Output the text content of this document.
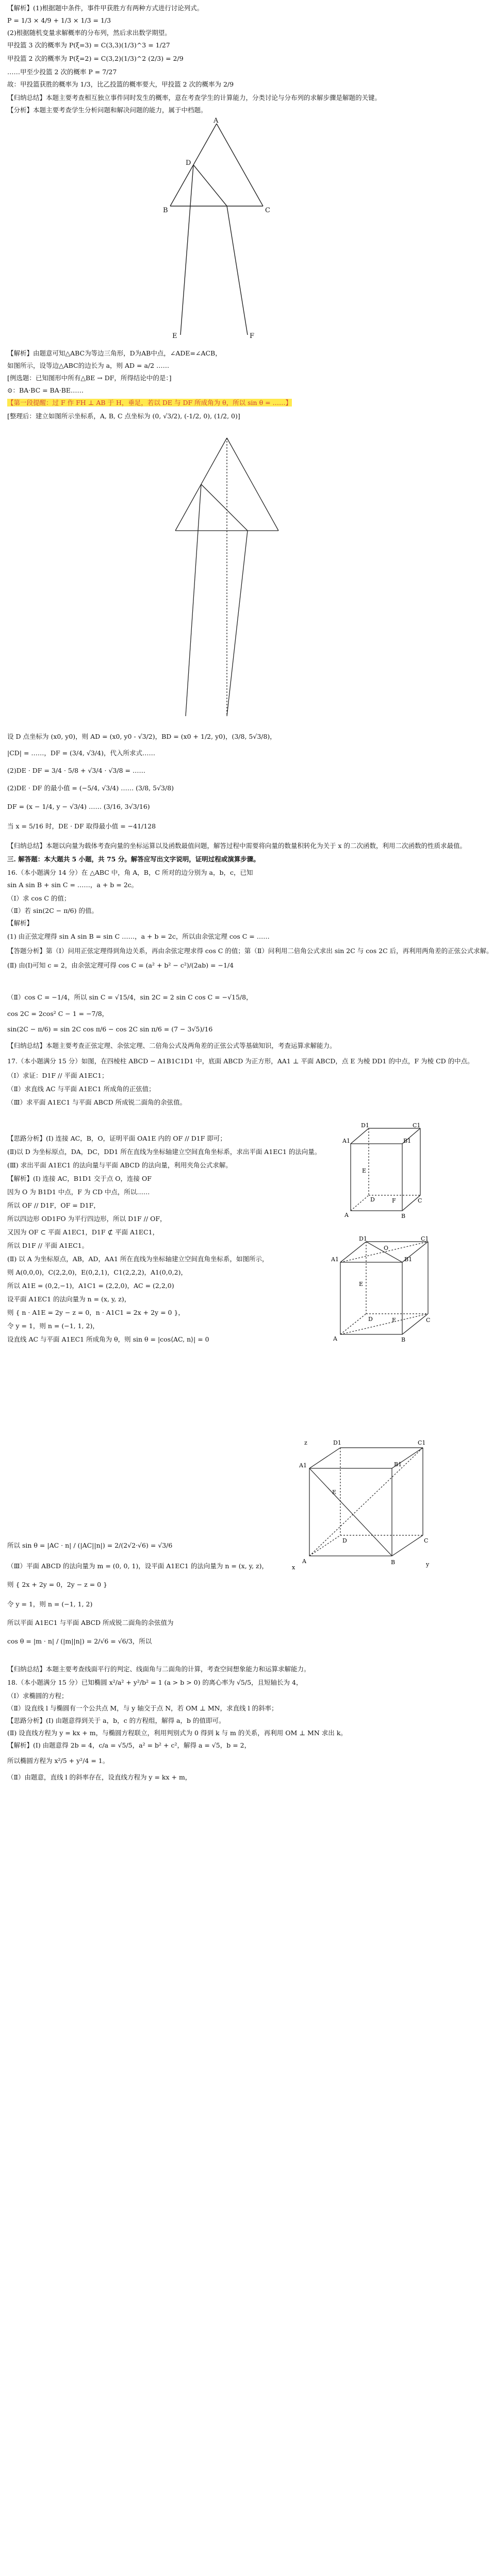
【解析】(1)根据题中条件，事件甲获胜方有两种方式进行讨论列式。
P = 1/3 × 4/9 + 1/3 × 1/3 = 1/3
(2)根据随机变量求解概率的分布列，然后求出数学期望。
甲投篮 3 次的概率为 P(ξ=3) = C(3,3)(1/3)^3 = 1/27
甲投篮 2 次的概率为 P(ξ=2) = C(3,2)(1/3)^2 (2/3) = 2/9
……甲至少投篮 2 次的概率 P = 7/27
故：甲投篮获胜的概率为 1/3，比乙投篮的概率要大，甲投篮 2 次的概率为 2/9
【归纳总结】本题主要考查相互独立事件同时发生的概率，意在考查学生的计算能力，分类讨论与分布列的求解步骤是解题的关键。
【分析】本题主要考查学生分析问题和解决问题的能力，属于中档题。
A
B	C
D
E	F
【解析】由题意可知△ABC为等边三角形，D为AB中点，∠ADE=∠ACB，
如图所示，设等边△ABC的边长为 a，则 AD = a/2 ……
[例选题：已知图形中所有△BE → DF，所得结论中的是：]
⊙：BA·BC = BA·BE……
【第一段提醒：过 F 作 FH ⊥ AB 于 H，垂足，若以 DE 与 DF 所成角为 θ，所以 sin θ = ……】
[整理后：建立如图所示坐标系，A, B, C 点坐标为 (0, √3/2), (-1/2, 0), (1/2, 0)]
设 D 点坐标为 (x0, y0)，则 AD = (x0, y0 - √3/2)，BD = (x0 + 1/2, y0)，(3/8, 5√3/8)，
|CD| = ……，DF = (3/4, √3/4)，代入所求式……
(2)DE · DF = 3/4 · 5/8 + √3/4 · √3/8 = ……
(2)DE · DF 的最小值 = (−5/4, √3/4) …… (3/8, 5√3/8)
DF = (x − 1/4, y − √3/4) …… (3/16, 3√3/16)
当 x = 5/16 时，DE · DF 取得最小值 = −41/128
【归纳总结】本题以向量为载体考查向量的坐标运算以及函数最值问题，解答过程中需要将向量的数量积转化为关于 x 的二次函数，利用二次函数的性质求最值。
三. 解答题：本大题共 5 小题，共 75 分。解答应写出文字说明，证明过程或演算步骤。
16.（本小题满分 14 分）在 △ABC 中，角 A，B，C 所对的边分别为 a，b，c，已知
sin A sin B + sin C = ……，a + b = 2c。
（Ⅰ）求 cos C 的值；
（Ⅱ）若 sin(2C − π/6) 的值。
【解析】
(1) 由正弦定理得 sin A sin B = sin C ……，a + b = 2c，所以由余弦定理 cos C = ……
【答题分析】第（Ⅰ）问用正弦定理得到角边关系，再由余弦定理求得 cos C 的值；第（Ⅱ）问利用二倍角公式求出 sin 2C 与 cos 2C 后，再利用两角差的正弦公式求解。
(Ⅱ) 由(Ⅰ)可知 c = 2，由余弦定理可得 cos C = (a² + b² − c²)/(2ab) = −1/4
（Ⅱ）cos C = −1/4，所以 sin C = √15/4，sin 2C = 2 sin C cos C = −√15/8，
cos 2C = 2cos² C − 1 = −7/8，
sin(2C − π/6) = sin 2C cos π/6 − cos 2C sin π/6 = (7 − 3√5)/16
【归纳总结】本题主要考查正弦定理、余弦定理、二倍角公式及两角差的正弦公式等基础知识，考查运算求解能力。
17.（本小题满分 15 分）如图，在四棱柱 ABCD − A1B1C1D1 中，底面 ABCD 为正方形，AA1 ⊥ 平面 ABCD，点 E 为棱 DD1 的中点，F 为棱 CD 的中点。
（Ⅰ）求证：D1F // 平面 A1EC1；
（Ⅱ）求直线 AC 与平面 A1EC1 所成角的正弦值；
（Ⅲ）求平面 A1EC1 与平面 ABCD 所成锐二面角的余弦值。
【思路分析】(Ⅰ) 连接 AC，B，O，证明平面 OA1E 内的 OF // D1F 即可；
(Ⅱ)以 D 为坐标原点，DA，DC，DD1 所在直线为坐标轴建立空间直角坐标系，求出平面 A1EC1 的法向量。
(Ⅲ) 求出平面 A1EC1 的法向量与平面 ABCD 的法向量，利用夹角公式求解。
【解析】(Ⅰ) 连接 AC，B1D1 交于点 O，连接 OF
因为 O 为 B1D1 中点，F 为 CD 中点，所以……
所以 OF // D1F，OF = D1F，
所以四边形 OD1FO 为平行四边形，所以 D1F // OF，
又因为 OF ⊂ 平面 A1EC1，D1F ⊄ 平面 A1EC1，
所以 D1F // 平面 A1EC1。
(Ⅱ) 以 A 为坐标原点，AB，AD，AA1 所在直线为坐标轴建立空间直角坐标系，如图所示，
则 A(0,0,0)，C(2,2,0)，E(0,2,1)，C1(2,2,2)，A1(0,0,2)，
所以 A1E = (0,2,−1)，A1C1 = (2,2,0)，AC = (2,2,0)
设平面 A1EC1 的法向量为 n = (x, y, z)，
则 { n · A1E = 2y − z = 0，n · A1C1 = 2x + 2y = 0 }，
令 y = 1，则 n = (−1, 1, 2)，
设直线 AC 与平面 A1EC1 所成角为 θ，则 sin θ = |cos⟨AC, n⟩| = 0
A	B
C
D
A1	B1
C1
D1
E
F
A	B
C
D
A1	B1
C1
D1
E
F
O
所以 sin θ = |AC · n| / (|AC||n|) = 2/(2√2·√6) = √3/6
（Ⅲ）平面 ABCD 的法向量为 m = (0, 0, 1)，设平面 A1EC1 的法向量为 n = (x, y, z)，
则 { 2x + 2y = 0，2y − z = 0 }
令 y = 1，则 n = (−1, 1, 2)
所以平面 A1EC1 与平面 ABCD 所成锐二面角的余弦值为
cos θ = |m · n| / (|m||n|) = 2/√6 = √6/3，所以
【归纳总结】本题主要考查线面平行的判定、线面角与二面角的计算，考查空间想象能力和运算求解能力。
18.（本小题满分 15 分）已知椭圆 x²/a² + y²/b² = 1 (a > b > 0) 的离心率为 √5/5，且短轴长为 4，
（Ⅰ）求椭圆的方程；
（Ⅱ）设直线 l 与椭圆有一个公共点 M，与 y 轴交于点 N，若 OM ⊥ MN，求直线 l 的斜率；
【思路分析】(Ⅰ) 由题意得到关于 a，b，c 的方程组，解得 a，b 的值即可。
(Ⅱ) 设直线方程为 y = kx + m，与椭圆方程联立，利用判别式为 0 得到 k 与 m 的关系，再利用 OM ⊥ MN 求出 k。
【解析】(Ⅰ) 由题意得 2b = 4，c/a = √5/5，a² = b² + c²，解得 a = √5，b = 2，
所以椭圆方程为 x²/5 + y²/4 = 1。
（Ⅱ）由题意，直线 l 的斜率存在，设直线方程为 y = kx + m，
A	B
C
D
A1	B1
C1
D1
E
x	y
z
